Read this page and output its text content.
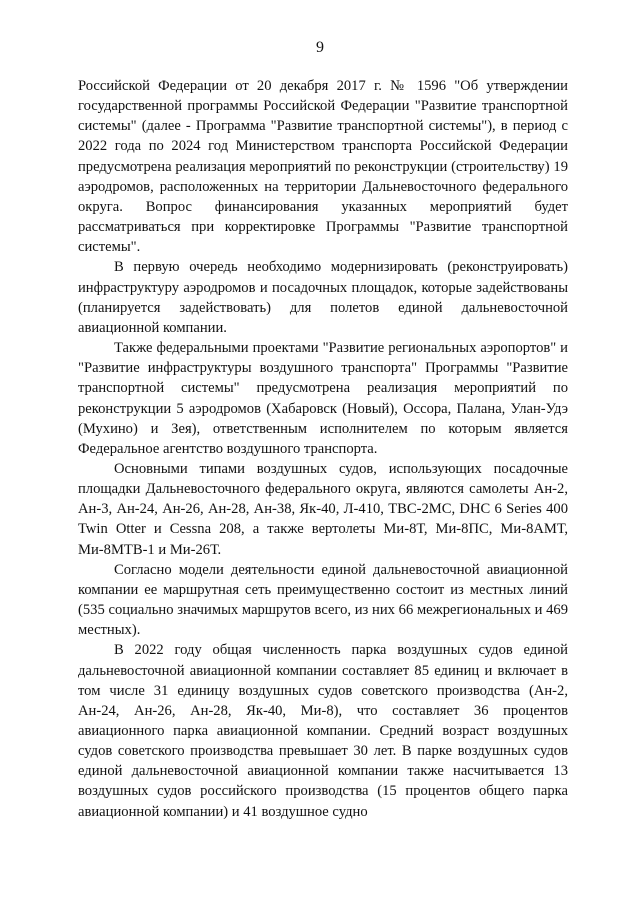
9

Российской Федерации от 20 декабря 2017 г. № 1596 "Об утверждении государственной программы Российской Федерации "Развитие транспортной системы" (далее - Программа "Развитие транспортной системы"), в период с 2022 года по 2024 год Министерством транспорта Российской Федерации предусмотрена реализация мероприятий по реконструкции (строительству) 19 аэродромов, расположенных на территории Дальневосточного федерального округа. Вопрос финансирования указанных мероприятий будет рассматриваться при корректировке Программы "Развитие транспортной системы".

В первую очередь необходимо модернизировать (реконструировать) инфраструктуру аэродромов и посадочных площадок, которые задействованы (планируется задействовать) для полетов единой дальневосточной авиационной компании.

Также федеральными проектами "Развитие региональных аэропортов" и "Развитие инфраструктуры воздушного транспорта" Программы "Развитие транспортной системы" предусмотрена реализация мероприятий по реконструкции 5 аэродромов (Хабаровск (Новый), Оссора, Палана, Улан-Удэ (Мухино) и Зея), ответственным исполнителем по которым является Федеральное агентство воздушного транспорта.

Основными типами воздушных судов, использующих посадочные площадки Дальневосточного федерального округа, являются самолеты Ан-2, Ан-3, Ан-24, Ан-26, Ан-28, Ан-38, Як-40, Л-410, ТВС-2МС, DHC 6 Series 400 Twin Otter и Cessna 208, а также вертолеты Ми-8Т, Ми-8ПС, Ми-8АМТ, Ми-8МТВ-1 и Ми-26Т.

Согласно модели деятельности единой дальневосточной авиационной компании ее маршрутная сеть преимущественно состоит из местных линий (535 социально значимых маршрутов всего, из них 66 межрегиональных и 469 местных).

В 2022 году общая численность парка воздушных судов единой дальневосточной авиационной компании составляет 85 единиц и включает в том числе 31 единицу воздушных судов советского производства (Ан-2, Ан-24, Ан-26, Ан-28, Як-40, Ми-8), что составляет 36 процентов авиационного парка авиационной компании. Средний возраст воздушных судов советского производства превышает 30 лет. В парке воздушных судов единой дальневосточной авиационной компании также насчитывается 13 воздушных судов российского производства (15 процентов общего парка авиационной компании) и 41 воздушное судно
